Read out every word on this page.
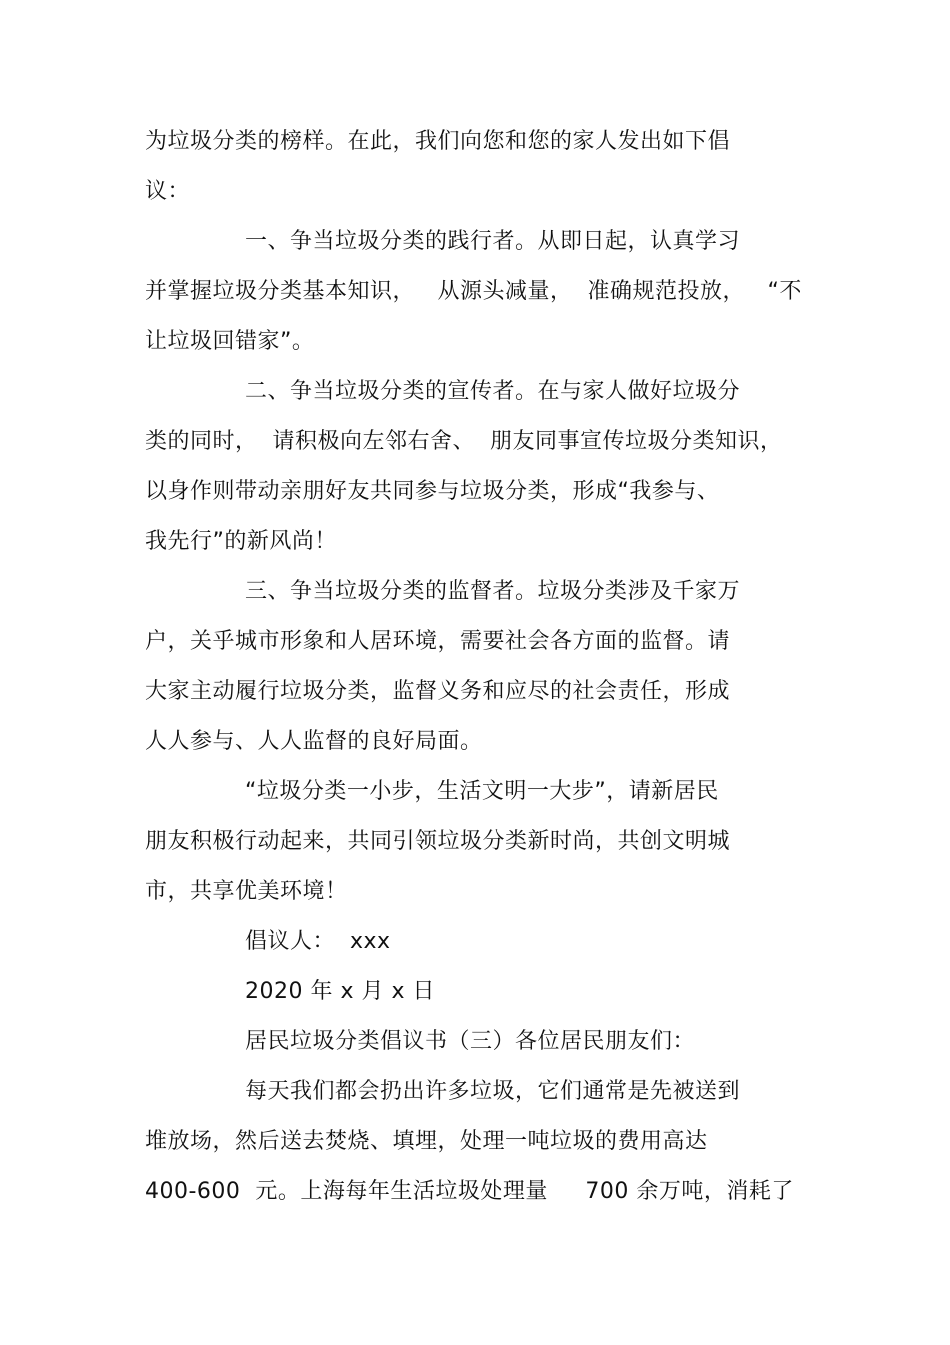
为垃圾分类的榜样。在此，我们向您和您的家人发出如下倡
议：
一、争当垃圾分类的践行者。从即日起，认真学习
并掌握垃圾分类基本知识，   从源头减量，  准确规范投放，   “不
让垃圾回错家”。
二、争当垃圾分类的宣传者。在与家人做好垃圾分
类的同时，  请积极向左邻右舍、  朋友同事宣传垃圾分类知识，
以身作则带动亲朋好友共同参与垃圾分类，形成“我参与、
我先行”的新风尚！
三、争当垃圾分类的监督者。垃圾分类涉及千家万
户，关乎城市形象和人居环境，需要社会各方面的监督。请
大家主动履行垃圾分类，监督义务和应尽的社会责任，形成
人人参与、人人监督的良好局面。
“垃圾分类一小步，生活文明一大步”，请新居民
朋友积极行动起来，共同引领垃圾分类新时尚，共创文明城
市，共享优美环境！
倡议人：  xxx
2020 年 x 月 x 日
居民垃圾分类倡议书（三）各位居民朋友们：
每天我们都会扔出许多垃圾，它们通常是先被送到
堆放场，然后送去焚烧、填埋，处理一吨垃圾的费用高达
400-600  元。上海每年生活垃圾处理量     700 余万吨，消耗了
